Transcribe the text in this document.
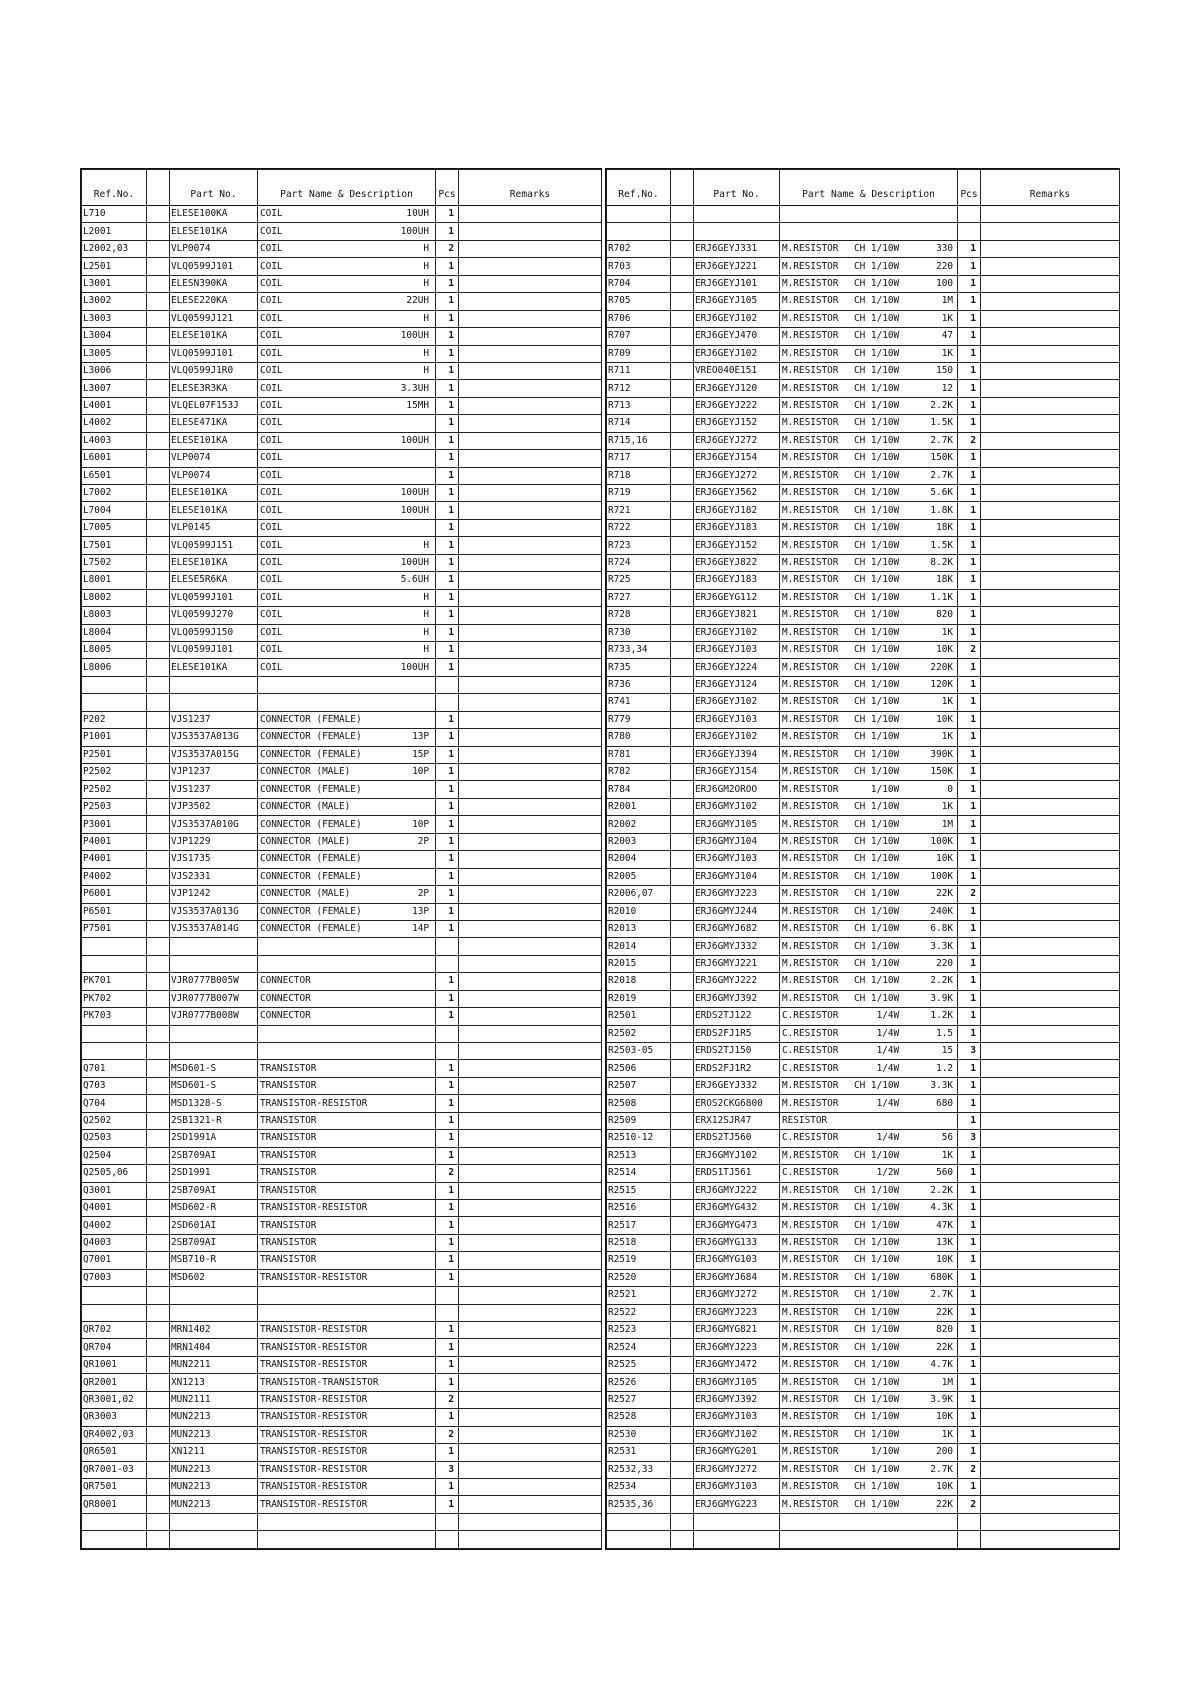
Ref.No.		Part No.	Part Name & Description	Pcs	Remarks
L710		ELESE100KA	COIL 10UH	1	
L2001		ELESE101KA	COIL 100UH	1	
L2002,03		VLP0074	COIL H	2	
L2501		VLQ0599J101	COIL H	1	
L3001		ELESN390KA	COIL H	1	
L3002		ELESE220KA	COIL 22UH	1	
L3003		VLQ0599J121	COIL H	1	
L3004		ELESE101KA	COIL 100UH	1	
L3005		VLQ0599J101	COIL H	1	
L3006		VLQ0599J1R0	COIL H	1	
L3007		ELESE3R3KA	COIL 3.3UH	1	
L4001		VLQEL07F153J	COIL 15MH	1	
L4002		ELESE471KA	COIL	1	
L4003		ELESE101KA	COIL 100UH	1	
L6001		VLP0074	COIL	1	
L6501		VLP0074	COIL	1	
L7002		ELESE101KA	COIL 100UH	1	
L7004		ELESE101KA	COIL 100UH	1	
L7005		VLP0145	COIL	1	
L7501		VLQ0599J151	COIL H	1	
L7502		ELESE101KA	COIL 100UH	1	
L8001		ELESE5R6KA	COIL 5.6UH	1	
L8002		VLQ0599J101	COIL H	1	
L8003		VLQ0599J270	COIL H	1	
L8004		VLQ0599J150	COIL H	1	
L8005		VLQ0599J101	COIL H	1	
L8006		ELESE101KA	COIL 100UH	1	

P202		VJS1237	CONNECTOR (FEMALE)	1	
P1001		VJS3537A013G	CONNECTOR (FEMALE) 13P	1	
P2501		VJS3537A015G	CONNECTOR (FEMALE) 15P	1	
P2502		VJP1237	CONNECTOR (MALE) 10P	1	
P2502		VJS1237	CONNECTOR (FEMALE)	1	
P2503		VJP3502	CONNECTOR (MALE)	1	
P3001		VJS3537A010G	CONNECTOR (FEMALE) 10P	1	
P4001		VJP1229	CONNECTOR (MALE) 2P	1	
P4001		VJS1735	CONNECTOR (FEMALE)	1	
P4002		VJS2331	CONNECTOR (FEMALE)	1	
P6001		VJP1242	CONNECTOR (MALE) 2P	1	
P6501		VJS3537A013G	CONNECTOR (FEMALE) 13P	1	
P7501		VJS3537A014G	CONNECTOR (FEMALE) 14P	1	

PK701		VJR0777B005W	CONNECTOR	1	
PK702		VJR0777B007W	CONNECTOR	1	
PK703		VJR0777B008W	CONNECTOR	1	

Q701		MSD601-S	TRANSISTOR	1	
Q703		MSD601-S	TRANSISTOR	1	
Q704		MSD1328-S	TRANSISTOR-RESISTOR	1	
Q2502		2SB1321-R	TRANSISTOR	1	
Q2503		2SD1991A	TRANSISTOR	1	
Q2504		2SB709AI	TRANSISTOR	1	
Q2505,06		2SD1991	TRANSISTOR	2	
Q3001		2SB709AI	TRANSISTOR	1	
Q4001		MSD602-R	TRANSISTOR-RESISTOR	1	
Q4002		2SD601AI	TRANSISTOR	1	
Q4003		2SB709AI	TRANSISTOR	1	
Q7001		MSB710-R	TRANSISTOR	1	
Q7003		MSD602	TRANSISTOR-RESISTOR	1	

QR702		MRN1402	TRANSISTOR-RESISTOR	1	
QR704		MRN1404	TRANSISTOR-RESISTOR	1	
QR1001		MUN2211	TRANSISTOR-RESISTOR	1	
QR2001		XN1213	TRANSISTOR-TRANSISTOR	1	
QR3001,02		MUN2111	TRANSISTOR-RESISTOR	2	
QR3003		MUN2213	TRANSISTOR-RESISTOR	1	
QR4002,03		MUN2213	TRANSISTOR-RESISTOR	2	
QR6501		XN1211	TRANSISTOR-RESISTOR	1	
QR7001-03		MUN2213	TRANSISTOR-RESISTOR	3	
QR7501		MUN2213	TRANSISTOR-RESISTOR	1	
QR8001		MUN2213	TRANSISTOR-RESISTOR	1	

Ref.No.		Part No.	Part Name & Description	Pcs	Remarks

R702		ERJ6GEYJ331	M.RESISTOR CH 1/10W 330	1	
R703		ERJ6GEYJ221	M.RESISTOR CH 1/10W 220	1	
R704		ERJ6GEYJ101	M.RESISTOR CH 1/10W 100	1	
R705		ERJ6GEYJ105	M.RESISTOR CH 1/10W 1M	1	
R706		ERJ6GEYJ102	M.RESISTOR CH 1/10W 1K	1	
R707		ERJ6GEYJ470	M.RESISTOR CH 1/10W 47	1	
R709		ERJ6GEYJ102	M.RESISTOR CH 1/10W 1K	1	
R711		VREO040E151	M.RESISTOR CH 1/10W 150	1	
R712		ERJ6GEYJ120	M.RESISTOR CH 1/10W 12	1	
R713		ERJ6GEYJ222	M.RESISTOR CH 1/10W 2.2K	1	
R714		ERJ6GEYJ152	M.RESISTOR CH 1/10W 1.5K	1	
R715,16		ERJ6GEYJ272	M.RESISTOR CH 1/10W 2.7K	2	
R717		ERJ6GEYJ154	M.RESISTOR CH 1/10W 150K	1	
R718		ERJ6GEYJ272	M.RESISTOR CH 1/10W 2.7K	1	
R719		ERJ6GEYJ562	M.RESISTOR CH 1/10W 5.6K	1	
R721		ERJ6GEYJ182	M.RESISTOR CH 1/10W 1.8K	1	
R722		ERJ6GEYJ183	M.RESISTOR CH 1/10W 18K	1	
R723		ERJ6GEYJ152	M.RESISTOR CH 1/10W 1.5K	1	
R724		ERJ6GEYJ822	M.RESISTOR CH 1/10W 8.2K	1	
R725		ERJ6GEYJ183	M.RESISTOR CH 1/10W 18K	1	
R727		ERJ6GEYG112	M.RESISTOR CH 1/10W 1.1K	1	
R728		ERJ6GEYJ821	M.RESISTOR CH 1/10W 820	1	
R730		ERJ6GEYJ102	M.RESISTOR CH 1/10W 1K	1	
R733,34		ERJ6GEYJ103	M.RESISTOR CH 1/10W 10K	2	
R735		ERJ6GEYJ224	M.RESISTOR CH 1/10W 220K	1	
R736		ERJ6GEYJ124	M.RESISTOR CH 1/10W 120K	1	
R741		ERJ6GEYJ102	M.RESISTOR CH 1/10W 1K	1	
R779		ERJ6GEYJ103	M.RESISTOR CH 1/10W 10K	1	
R780		ERJ6GEYJ102	M.RESISTOR CH 1/10W 1K	1	
R781		ERJ6GEYJ394	M.RESISTOR CH 1/10W 390K	1	
R782		ERJ6GEYJ154	M.RESISTOR CH 1/10W 150K	1	
R784		ERJ6GM2OROO	M.RESISTOR 1/10W 0	1	
R2001		ERJ6GMYJ102	M.RESISTOR CH 1/10W 1K	1	
R2002		ERJ6GMYJ105	M.RESISTOR CH 1/10W 1M	1	
R2003		ERJ6GMYJ104	M.RESISTOR CH 1/10W 100K	1	
R2004		ERJ6GMYJ103	M.RESISTOR CH 1/10W 10K	1	
R2005		ERJ6GMYJ104	M.RESISTOR CH 1/10W 100K	1	
R2006,07		ERJ6GMYJ223	M.RESISTOR CH 1/10W 22K	2	
R2010		ERJ6GMYJ244	M.RESISTOR CH 1/10W 240K	1	
R2013		ERJ6GMYJ682	M.RESISTOR CH 1/10W 6.8K	1	
R2014		ERJ6GMYJ332	M.RESISTOR CH 1/10W 3.3K	1	
R2015		ERJ6GMYJ221	M.RESISTOR CH 1/10W 220	1	
R2018		ERJ6GMYJ222	M.RESISTOR CH 1/10W 2.2K	1	
R2019		ERJ6GMYJ392	M.RESISTOR CH 1/10W 3.9K	1	
R2501		ERDS2TJ122	C.RESISTOR 1/4W 1.2K	1	
R2502		ERDS2FJ1R5	C.RESISTOR 1/4W 1.5	1	
R2503-05		ERDS2TJ150	C.RESISTOR 1/4W 15	3	
R2506		ERDS2FJ1R2	C.RESISTOR 1/4W 1.2	1	
R2507		ERJ6GEYJ332	M.RESISTOR CH 1/10W 3.3K	1	
R2508		EROS2CKG6800	M.RESISTOR 1/4W 680	1	
R2509		ERX12SJR47	RESISTOR	1	
R2510-12		ERDS2TJ560	C.RESISTOR 1/4W 56	3	
R2513		ERJ6GMYJ102	M.RESISTOR CH 1/10W 1K	1	
R2514		ERDS1TJ561	C.RESISTOR 1/2W 560	1	
R2515		ERJ6GMYJ222	M.RESISTOR CH 1/10W 2.2K	1	
R2516		ERJ6GMYG432	M.RESISTOR CH 1/10W 4.3K	1	
R2517		ERJ6GMYG473	M.RESISTOR CH 1/10W 47K	1	
R2518		ERJ6GMYG133	M.RESISTOR CH 1/10W 13K	1	
R2519		ERJ6GMYG103	M.RESISTOR CH 1/10W 10K	1	
R2520		ERJ6GMYJ684	M.RESISTOR CH 1/10W 680K	1	
R2521		ERJ6GMYJ272	M.RESISTOR CH 1/10W 2.7K	1	
R2522		ERJ6GMYJ223	M.RESISTOR CH 1/10W 22K	1	
R2523		ERJ6GMYG821	M.RESISTOR CH 1/10W 820	1	
R2524		ERJ6GMYJ223	M.RESISTOR CH 1/10W 22K	1	
R2525		ERJ6GMYJ472	M.RESISTOR CH 1/10W 4.7K	1	
R2526		ERJ6GMYJ105	M.RESISTOR CH 1/10W 1M	1	
R2527		ERJ6GMYJ392	M.RESISTOR CH 1/10W 3.9K	1	
R2528		ERJ6GMYJ103	M.RESISTOR CH 1/10W 10K	1	
R2530		ERJ6GMYJ102	M.RESISTOR CH 1/10W 1K	1	
R2531		ERJ6GMYG201	M.RESISTOR 1/10W 200	1	
R2532,33		ERJ6GMYJ272	M.RESISTOR CH 1/10W 2.7K	2	
R2534		ERJ6GMYJ103	M.RESISTOR CH 1/10W 10K	1	
R2535,36		ERJ6GMYG223	M.RESISTOR CH 1/10W 22K	2	
